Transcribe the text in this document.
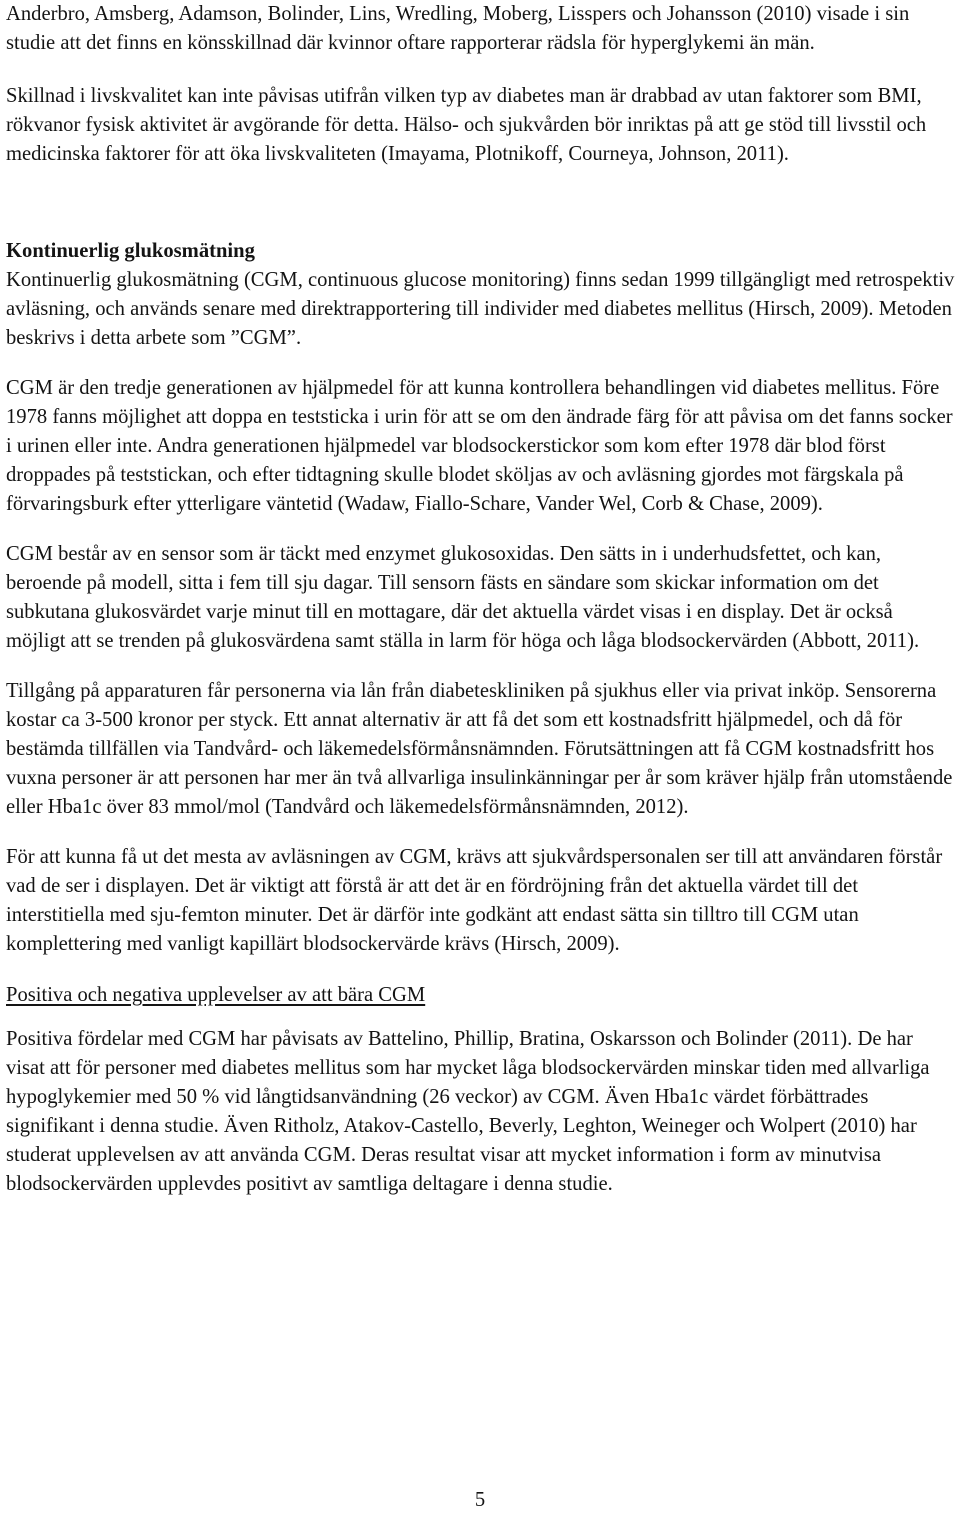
Anderbro, Amsberg, Adamson, Bolinder, Lins, Wredling, Moberg, Lisspers och Johansson (2010) visade i sin studie att det finns en könsskillnad där kvinnor oftare rapporterar rädsla för hyperglykemi än män.

Skillnad i livskvalitet kan inte påvisas utifrån vilken typ av diabetes man är drabbad av utan faktorer som BMI, rökvanor fysisk aktivitet är avgörande för detta. Hälso- och sjukvården bör inriktas på att ge stöd till livsstil och medicinska faktorer för att öka livskvaliteten (Imayama, Plotnikoff, Courneya, Johnson, 2011).

Kontinuerlig glukosmätning

Kontinuerlig glukosmätning (CGM, continuous glucose monitoring) finns sedan 1999 tillgängligt med retrospektiv avläsning, och används senare med direktrapportering till individer med diabetes mellitus (Hirsch, 2009). Metoden beskrivs i detta arbete som ”CGM”.

CGM är den tredje generationen av hjälpmedel för att kunna kontrollera behandlingen vid diabetes mellitus. Före 1978 fanns möjlighet att doppa en teststicka i urin för att se om den ändrade färg för att påvisa om det fanns socker i urinen eller inte. Andra generationen hjälpmedel var blodsockerstickor som kom efter 1978 där blod först droppades på teststickan, och efter tidtagning skulle blodet sköljas av och avläsning gjordes mot färgskala på förvaringsburk efter ytterligare väntetid (Wadaw, Fiallo-Schare, Vander Wel, Corb & Chase, 2009).

CGM består av en sensor som är täckt med enzymet glukosoxidas. Den sätts in i underhudsfettet, och kan, beroende på modell, sitta i fem till sju dagar. Till sensorn fästs en sändare som skickar information om det subkutana glukosvärdet varje minut till en mottagare, där det aktuella värdet visas i en display. Det är också möjligt att se trenden på glukosvärdena samt ställa in larm för höga och låga blodsockervärden (Abbott, 2011).

Tillgång på apparaturen får personerna via lån från diabeteskliniken på sjukhus eller via privat inköp. Sensorerna kostar ca 3-500 kronor per styck. Ett annat alternativ är att få det som ett kostnadsfritt hjälpmedel, och då för bestämda tillfällen via Tandvård- och läkemedelsförmånsnämnden. Förutsättningen att få CGM kostnadsfritt hos vuxna personer är att personen har mer än två allvarliga insulinkänningar per år som kräver hjälp från utomstående eller Hba1c över 83 mmol/mol (Tandvård och läkemedelsförmånsnämnden, 2012).

För att kunna få ut det mesta av avläsningen av CGM, krävs att sjukvårdspersonalen ser till att användaren förstår vad de ser i displayen. Det är viktigt att förstå är att det är en fördröjning från det aktuella värdet till det interstitiella med sju-femton minuter. Det är därför inte godkänt att endast sätta sin tilltro till CGM utan komplettering med vanligt kapillärt blodsockervärde krävs (Hirsch, 2009).

Positiva och negativa upplevelser av att bära CGM

Positiva fördelar med CGM har påvisats av Battelino, Phillip, Bratina, Oskarsson och Bolinder (2011). De har visat att för personer med diabetes mellitus som har mycket låga blodsockervärden minskar tiden med allvarliga hypoglykemier med 50 % vid långtidsanvändning (26 veckor) av CGM. Även Hba1c värdet förbättrades signifikant i denna studie. Även Ritholz, Atakov-Castello, Beverly, Leghton, Weineger och Wolpert (2010) har studerat upplevelsen av att använda CGM. Deras resultat visar att mycket information i form av minutvisa blodsockervärden upplevdes positivt av samtliga deltagare i denna studie.

5
